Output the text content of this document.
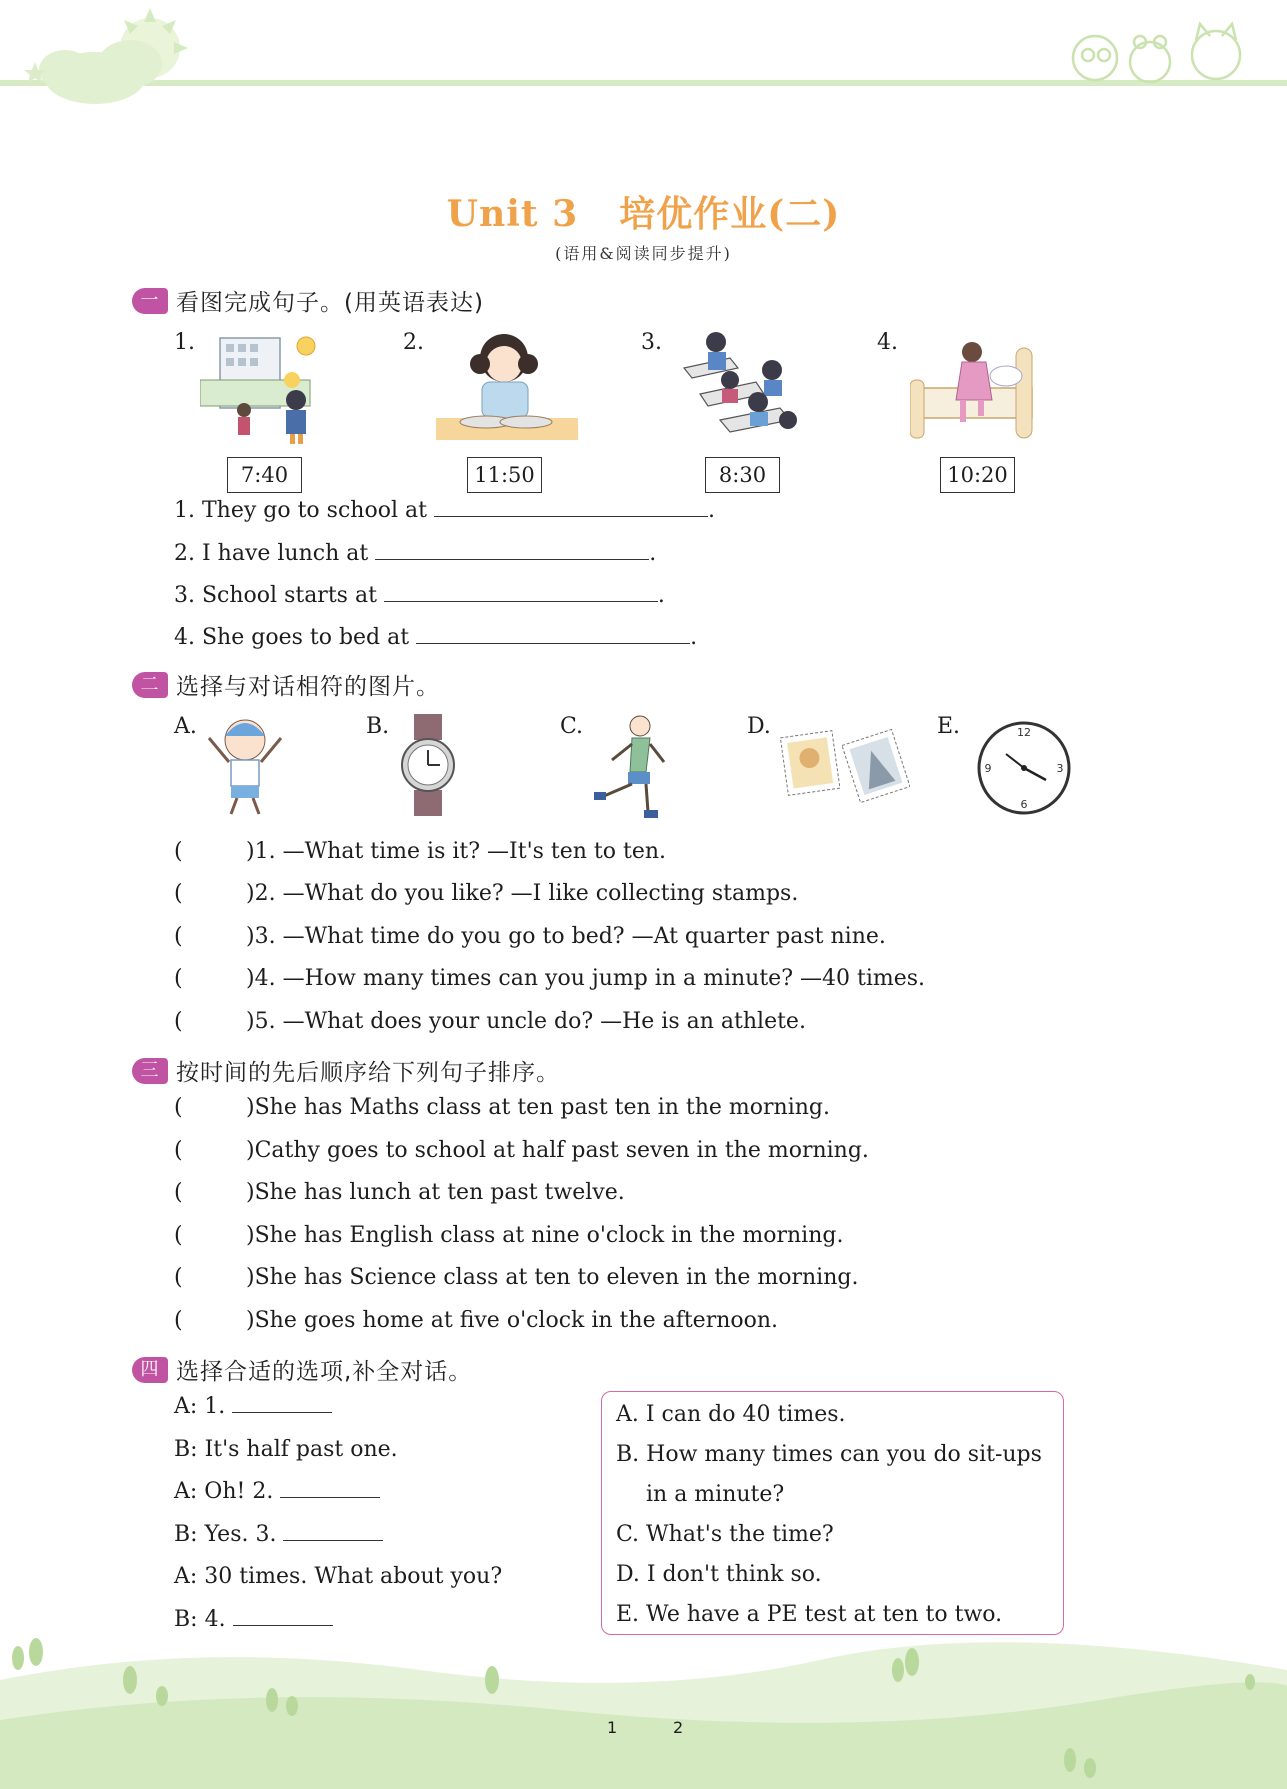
Unit 3 培优作业(二)
(语用&阅读同步提升)
一 看图完成句子。(用英语表达)
1.	2.	3.	4.
7:40	11:50	8:30	10:20
1. They go to school at	.
2. I have lunch at	.
3. School starts at	.
4. She goes to bed at	.
二 选择与对话相符的图片。
A.	B.	C.	D.	E.	12
3
6
9
(	)1. —What time is it? —It's ten to ten.
(	)2. —What do you like? —I like collecting stamps.
(	)3. —What time do you go to bed? —At quarter past nine.
(	)4. —How many times can you jump in a minute? —40 times.
(	)5. —What does your uncle do? —He is an athlete.
三 按时间的先后顺序给下列句子排序。
(	)She has Maths class at ten past ten in the morning.
(	)Cathy goes to school at half past seven in the morning.
(	)She has lunch at ten past twelve.
(	)She has English class at nine o'clock in the morning.
(	)She has Science class at ten to eleven in the morning.
(	)She goes home at five o'clock in the afternoon.
四 选择合适的选项,补全对话。
A: 1.
B: It's half past one.
A: Oh! 2.
B: Yes. 3.
A: 30 times. What about you?
B: 4.
A. I can do 40 times.
B. How many times can you do sit-ups
in a minute?
C. What's the time?
D. I don't think so.
E. We have a PE test at ten to two.
1	2
